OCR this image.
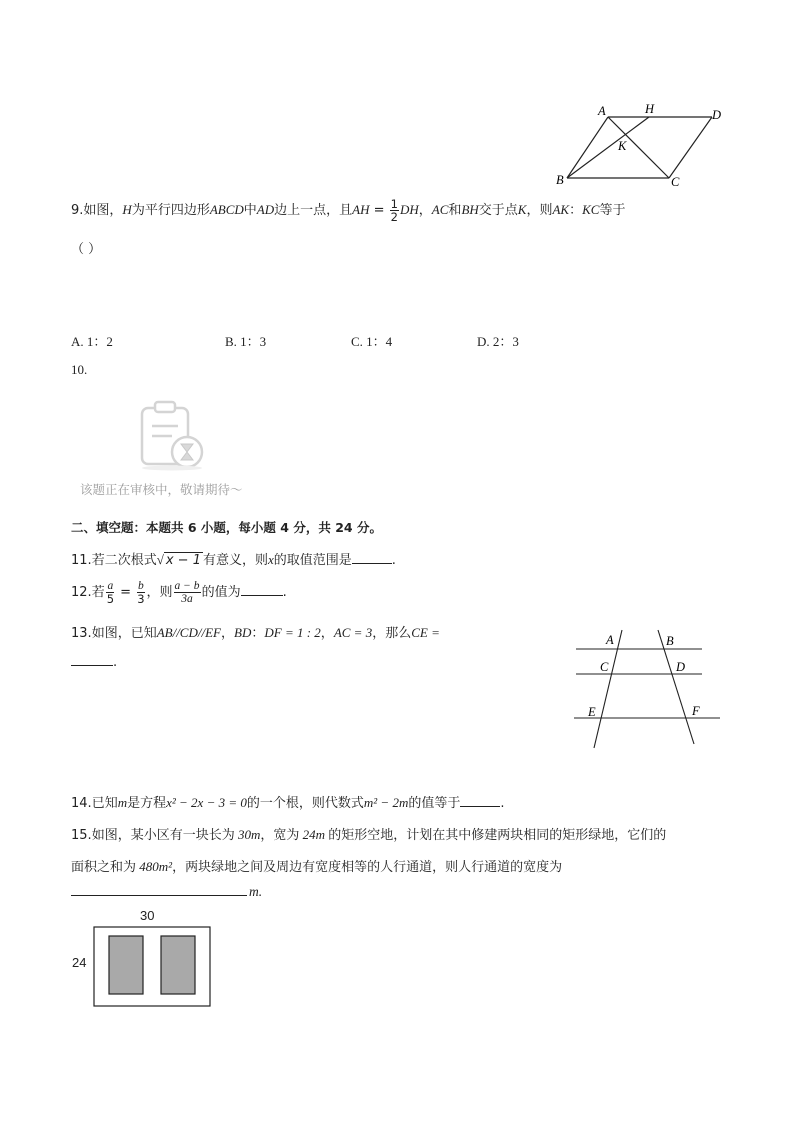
A	H	D
K
B	C
9.如图，H为平行四边形ABCD中AD边上一点，且AH = $\frac{1}{2}$ DH，AC和BH交于点K，则AK：KC等于
（ ）
A. 1：2	B. 1：3	C. 1：4	D. 2：3
10.
该题正在审核中，敬请期待～
二、填空题：本题共 6 小题，每小题 4 分，共 24 分。
11.若二次根式√ x − 1 有意义，则x的取值范围是	.
12.若 $\frac{a}{5} = \frac{b}{3}$ ，则 $\frac{a - b}{3a}$ 的值为	.
13.如图，已知AB//CD//EF，BD：DF = 1 : 2，AC = 3，那么CE =
.
A	B
C	D
E	F
14.已知m是方程x² − 2x − 3 = 0的一个根，则代数式m² − 2m的值等于	.
15.如图，某小区有一块长为 30m，宽为 24m 的矩形空地，计划在其中修建两块相同的矩形绿地，它们的
面积之和为 480m²，两块绿地之间及周边有宽度相等的人行通道，则人行通道的宽度为
m.
30
24
